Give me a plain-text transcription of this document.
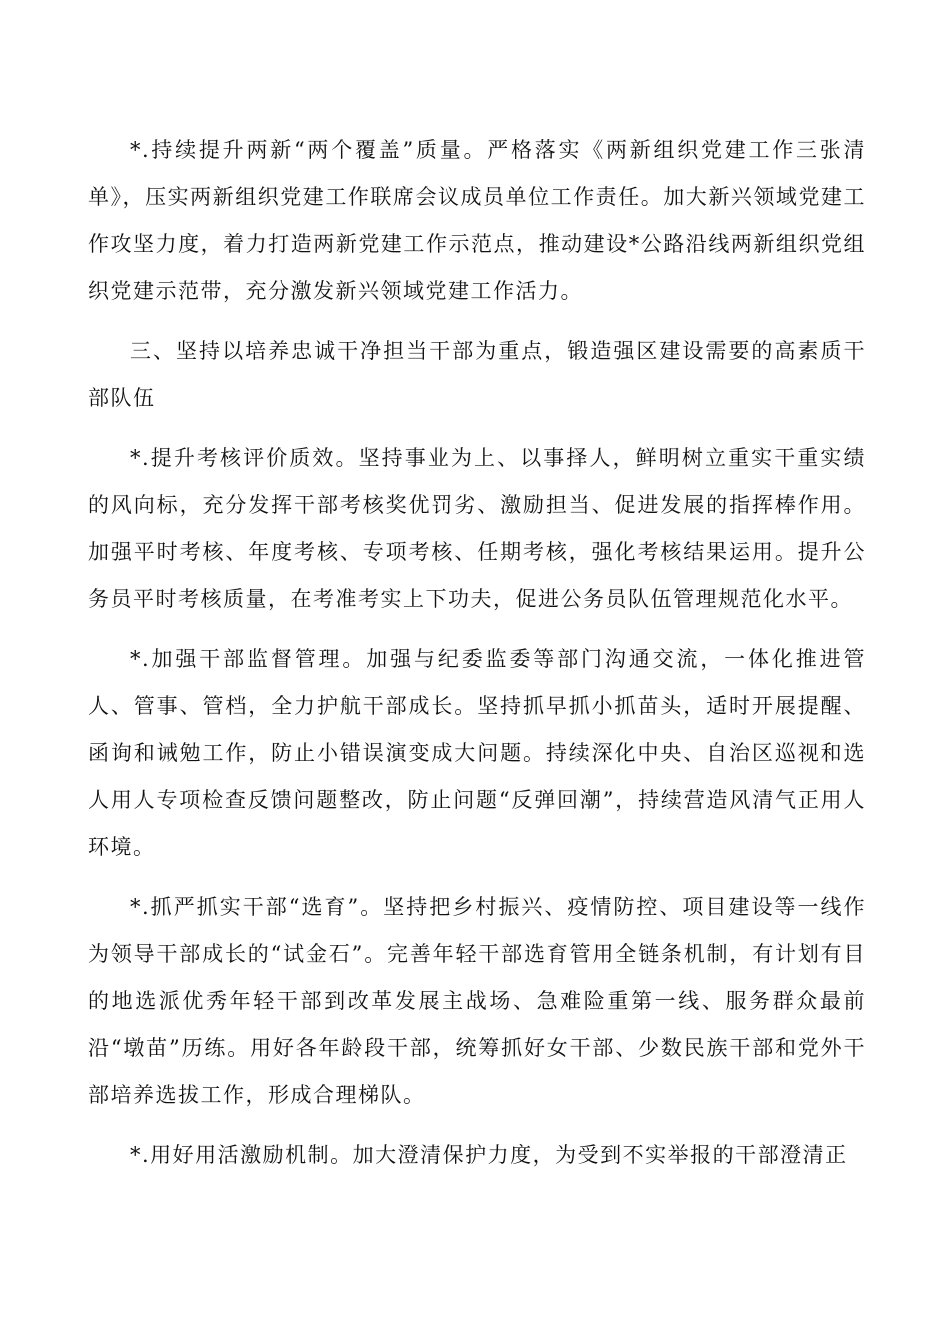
*.持续提升两新“两个覆盖”质量。严格落实《两新组织党建工作三张清单》，压实两新组织党建工作联席会议成员单位工作责任。加大新兴领域党建工作攻坚力度，着力打造两新党建工作示范点，推动建设*公路沿线两新组织党组织党建示范带，充分激发新兴领域党建工作活力。

三、坚持以培养忠诚干净担当干部为重点，锻造强区建设需要的高素质干部队伍

*.提升考核评价质效。坚持事业为上、以事择人，鲜明树立重实干重实绩的风向标，充分发挥干部考核奖优罚劣、激励担当、促进发展的指挥棒作用。加强平时考核、年度考核、专项考核、任期考核，强化考核结果运用。提升公务员平时考核质量，在考准考实上下功夫，促进公务员队伍管理规范化水平。

*.加强干部监督管理。加强与纪委监委等部门沟通交流，一体化推进管人、管事、管档，全力护航干部成长。坚持抓早抓小抓苗头，适时开展提醒、函询和诫勉工作，防止小错误演变成大问题。持续深化中央、自治区巡视和选人用人专项检查反馈问题整改，防止问题“反弹回潮”，持续营造风清气正用人环境。

*.抓严抓实干部“选育”。坚持把乡村振兴、疫情防控、项目建设等一线作为领导干部成长的“试金石”。完善年轻干部选育管用全链条机制，有计划有目的地选派优秀年轻干部到改革发展主战场、急难险重第一线、服务群众最前沿“墩苗”历练。用好各年龄段干部，统筹抓好女干部、少数民族干部和党外干部培养选拔工作，形成合理梯队。

*.用好用活激励机制。加大澄清保护力度，为受到不实举报的干部澄清正
